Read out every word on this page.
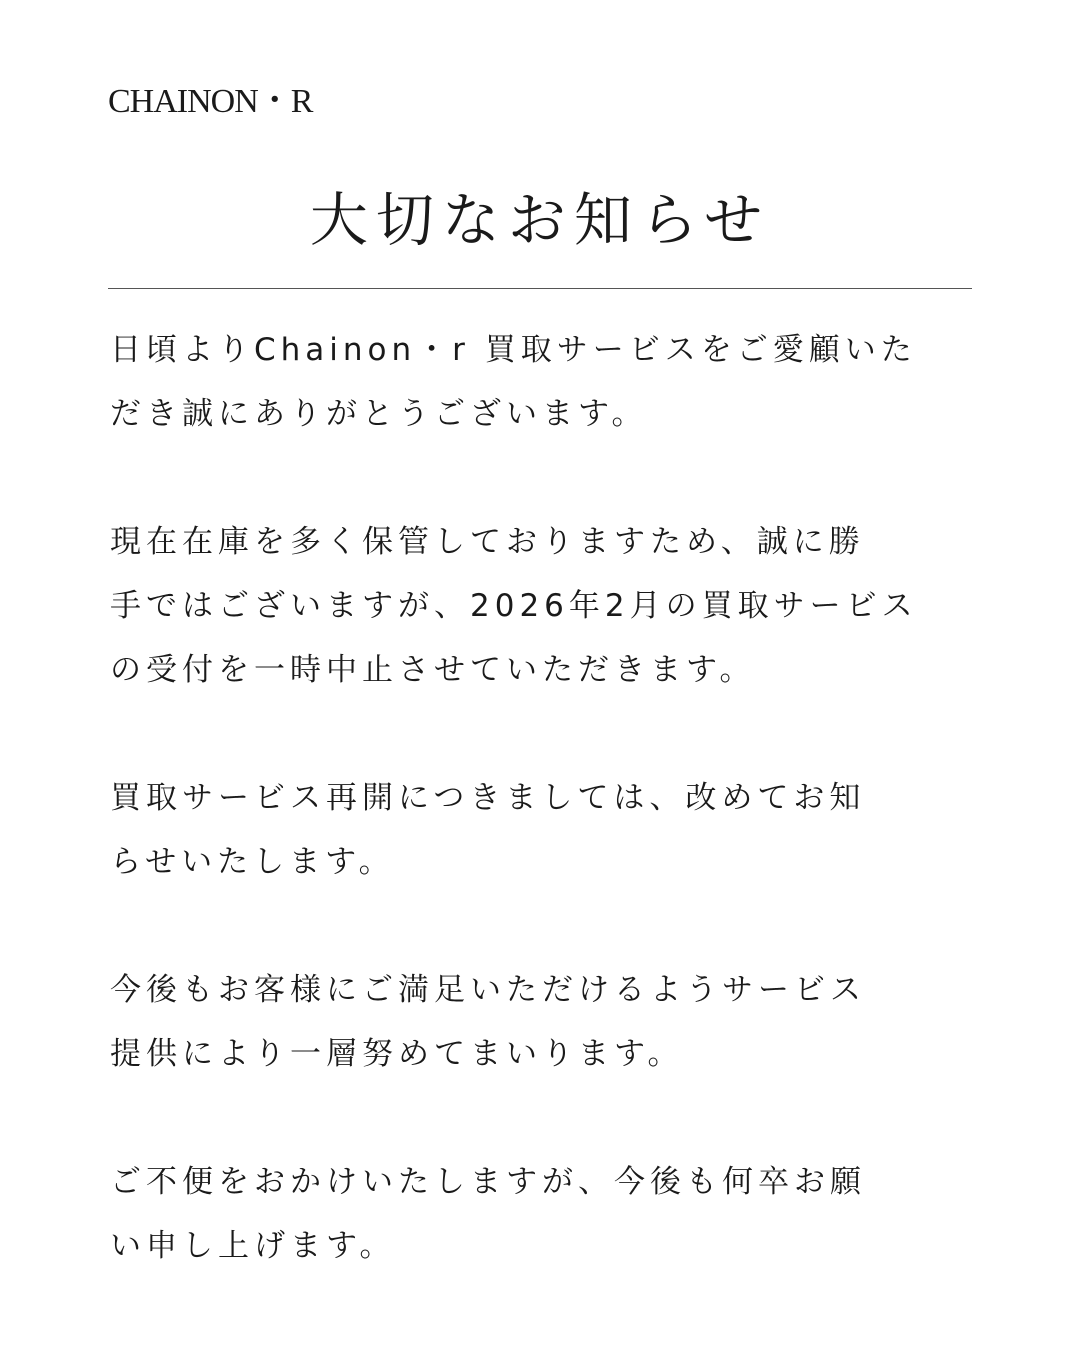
CHAINON・R
大切なお知らせ
日頃よりChainon・r 買取サービスをご愛顧いた
だき誠にありがとうございます。
現在在庫を多く保管しておりますため、誠に勝
手ではございますが、2026年2月の買取サービス
の受付を一時中止させていただきます。
買取サービス再開につきましては、改めてお知
らせいたします。
今後もお客様にご満足いただけるようサービス
提供により一層努めてまいります。
ご不便をおかけいたしますが、今後も何卒お願
い申し上げます。
